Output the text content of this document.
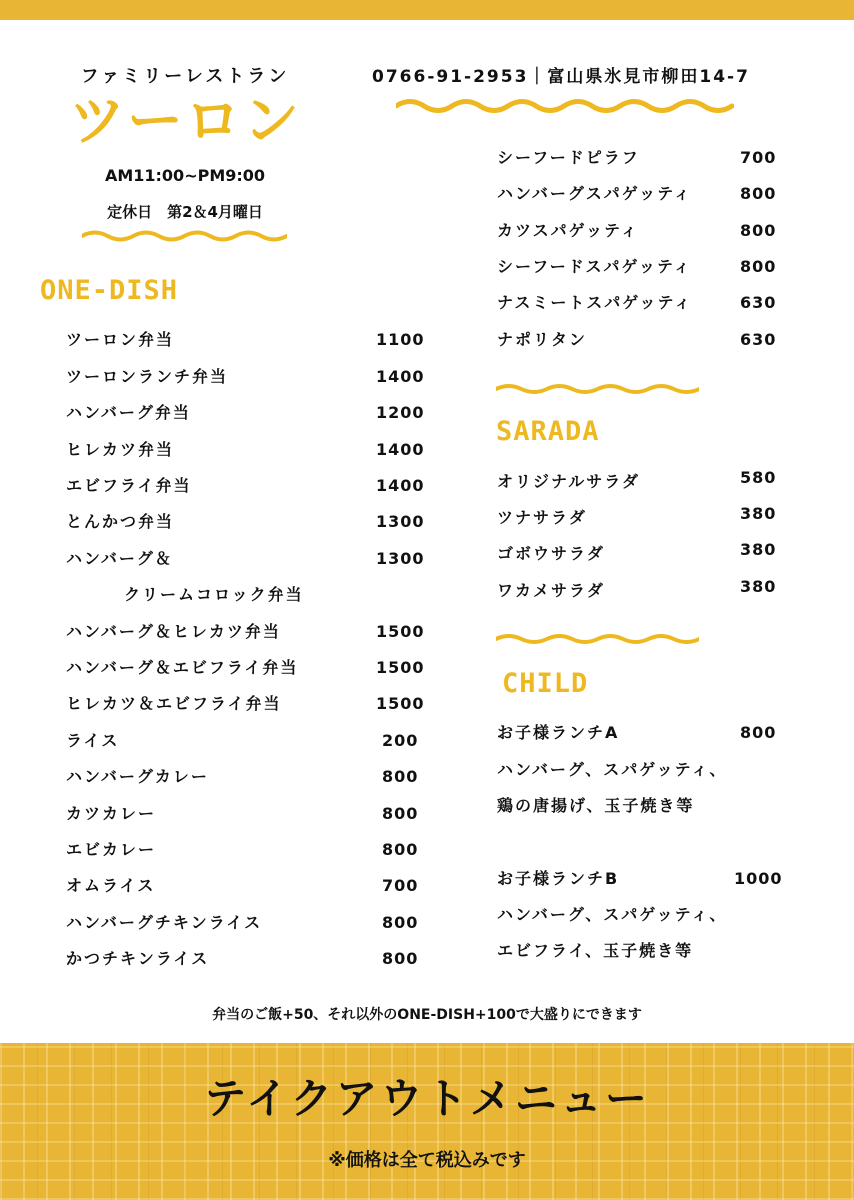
ファミリーレストラン
ツーロン
AM11:00~PM9:00
定休日　第2＆4月曜日
0766-91-2953｜富山県氷見市柳田14-7
ONE-DISH
ツーロン弁当	1100
ツーロンランチ弁当	1400
ハンバーグ弁当	1200
ヒレカツ弁当	1400
エビフライ弁当	1400
とんかつ弁当	1300
ハンバーグ＆	1300
クリームコロック弁当
ハンバーグ＆ヒレカツ弁当	1500
ハンバーグ＆エビフライ弁当	1500
ヒレカツ＆エビフライ弁当	1500
ライス	200
ハンバーグカレー	800
カツカレー	800
エビカレー	800
オムライス	700
ハンバーグチキンライス	800
かつチキンライス	800
シーフードピラフ	700
ハンバーグスパゲッティ	800
カツスパゲッティ	800
シーフードスパゲッティ	800
ナスミートスパゲッティ	630
ナポリタン	630
SARADA
オリジナルサラダ	580
ツナサラダ	380
ゴボウサラダ	380
ワカメサラダ	380
CHILD
お子様ランチA	800
ハンバーグ、スパゲッティ、
鶏の唐揚げ、玉子焼き等
お子様ランチB	1000
ハンバーグ、スパゲッティ、
エビフライ、玉子焼き等
弁当のご飯+50、それ以外のONE-DISH+100で大盛りにできます
テイクアウトメニュー
※価格は全て税込みです
